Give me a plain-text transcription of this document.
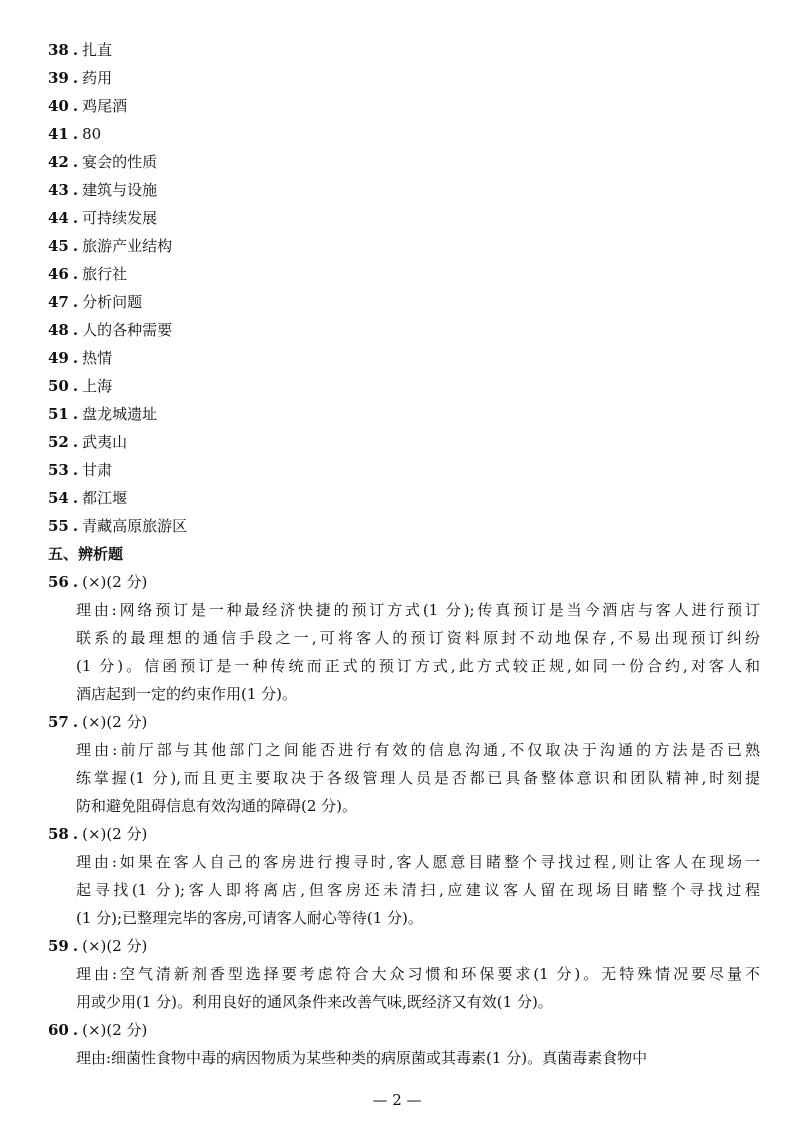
38 . 扎直
39 . 药用
40 . 鸡尾酒
41 . 80
42 . 宴会的性质
43 . 建筑与设施
44 . 可持续发展
45 . 旅游产业结构
46 . 旅行社
47 . 分析问题
48 . 人的各种需要
49 . 热情
50 . 上海
51 . 盘龙城遗址
52 . 武夷山
53 . 甘肃
54 . 都江堰
55 . 青藏高原旅游区
五、辨析题
56 . (×)(2 分)
理由:网络预订是一种最经济快捷的预订方式(1 分);传真预订是当今酒店与客人进行预订
联系的最理想的通信手段之一,可将客人的预订资料原封不动地保存,不易出现预订纠纷
(1 分)。信函预订是一种传统而正式的预订方式,此方式较正规,如同一份合约,对客人和
酒店起到一定的约束作用(1 分)。
57 . (×)(2 分)
理由:前厅部与其他部门之间能否进行有效的信息沟通,不仅取决于沟通的方法是否已熟
练掌握(1 分),而且更主要取决于各级管理人员是否都已具备整体意识和团队精神,时刻提
防和避免阻碍信息有效沟通的障碍(2 分)。
58 . (×)(2 分)
理由:如果在客人自己的客房进行搜寻时,客人愿意目睹整个寻找过程,则让客人在现场一
起寻找(1 分);客人即将离店,但客房还未清扫,应建议客人留在现场目睹整个寻找过程
(1 分);已整理完毕的客房,可请客人耐心等待(1 分)。
59 . (×)(2 分)
理由:空气清新剂香型选择要考虑符合大众习惯和环保要求(1 分)。无特殊情况要尽量不
用或少用(1 分)。利用良好的通风条件来改善气味,既经济又有效(1 分)。
60 . (×)(2 分)
理由:细菌性食物中毒的病因物质为某些种类的病原菌或其毒素(1 分)。真菌毒素食物中
— 2 —
